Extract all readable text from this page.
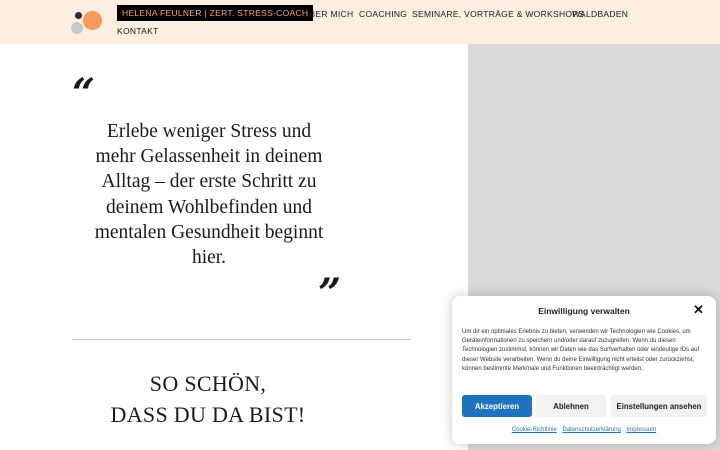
HELENA FEULNER | ZERT. STRESS-COACH
ÜBER MICH COACHING SEMINARE, VORTRÄGE & WORKSHOPS
WALDBADEN
KONTAKT
“
Erlebe weniger Stress und mehr Gelassenheit in deinem Alltag – der erste Schritt zu deinem Wohlbefinden und mentalen Gesundheit beginnt hier.
”
SO SCHÖN,
DASS DU DA BIST!
Einwilligung verwalten	✕

Um dir ein optimales Erlebnis zu bieten, verwenden wir Technologien wie Cookies, um Geräteinformationen zu speichern und/oder darauf zuzugreifen. Wenn du diesen Technologien zustimmst, können wir Daten wie das Surfverhalten oder eindeutige IDs auf dieser Website verarbeiten. Wenn du deine Einwilligung nicht erteilst oder zurückziehst, können bestimmte Merkmale und Funktionen beeinträchtigt werden.

Akzeptieren	Ablehnen	Einstellungen ansehen
Cookie-Richtlinie Datenschutzerklärung Impressum
